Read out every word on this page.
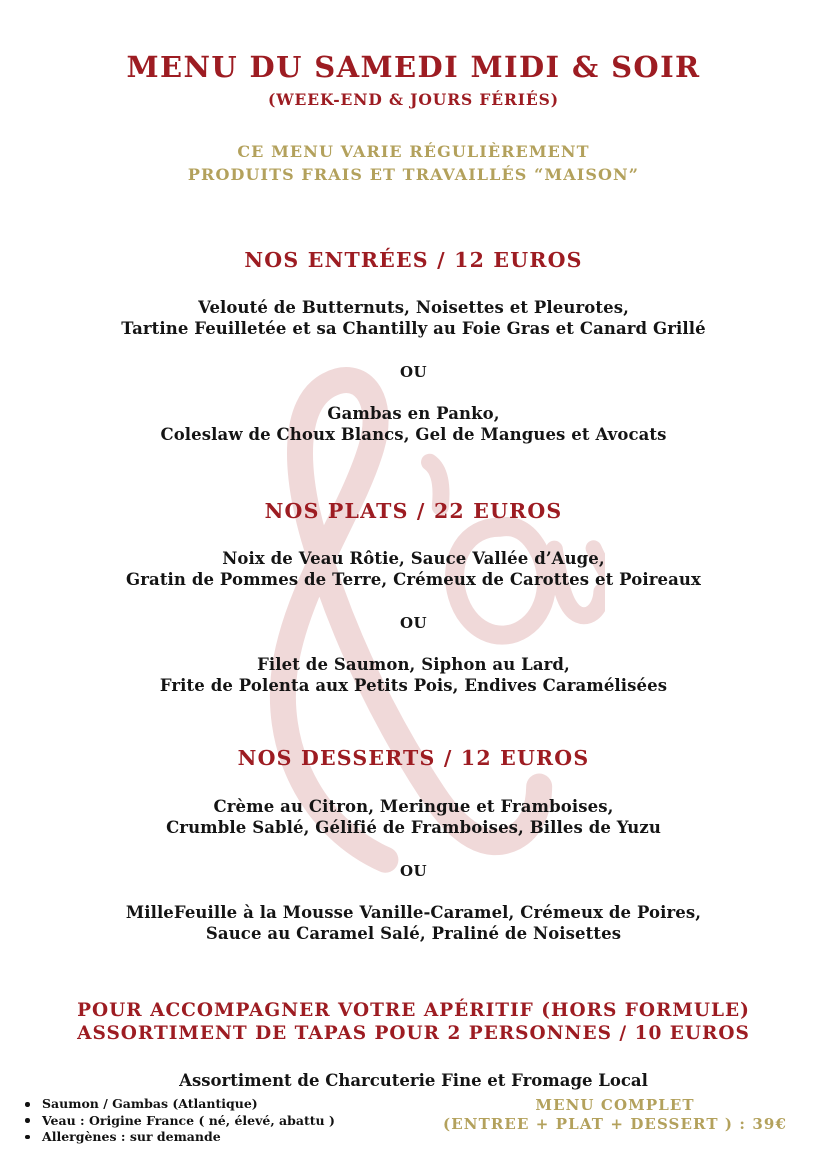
MENU DU SAMEDI MIDI & SOIR
(WEEK-END & JOURS FÉRIÉS)

CE MENU VARIE RÉGULIÈREMENT

PRODUITS FRAIS ET TRAVAILLÉS “MAISON”

NOS ENTRÉES / 12 EUROS

Velouté de Butternuts, Noisettes et Pleurotes,
Tartine Feuilletée et sa Chantilly au Foie Gras et Canard Grillé

OU

Gambas en Panko,
Coleslaw de Choux Blancs, Gel de Mangues et Avocats

NOS PLATS / 22 EUROS

Noix de Veau Rôtie, Sauce Vallée d’Auge,
Gratin de Pommes de Terre, Crémeux de Carottes et Poireaux

OU

Filet de Saumon, Siphon au Lard,
Frite de Polenta aux Petits Pois, Endives Caramélisées

NOS DESSERTS / 12 EUROS

Crème au Citron, Meringue et Framboises,
Crumble Sablé, Gélifié de Framboises, Billes de Yuzu

OU

MilleFeuille à la Mousse Vanille-Caramel, Crémeux de Poires,
Sauce au Caramel Salé, Praliné de Noisettes

POUR ACCOMPAGNER VOTRE APÉRITIF (HORS FORMULE)

ASSORTIMENT DE TAPAS POUR 2 PERSONNES / 10 EUROS

Assortiment de Charcuterie Fine et Fromage Local

Saumon / Gambas (Atlantique)
Veau : Origine France ( né, élevé, abattu )
Allergènes : sur demande

MENU COMPLET

(ENTREE + PLAT + DESSERT ) : 39€
